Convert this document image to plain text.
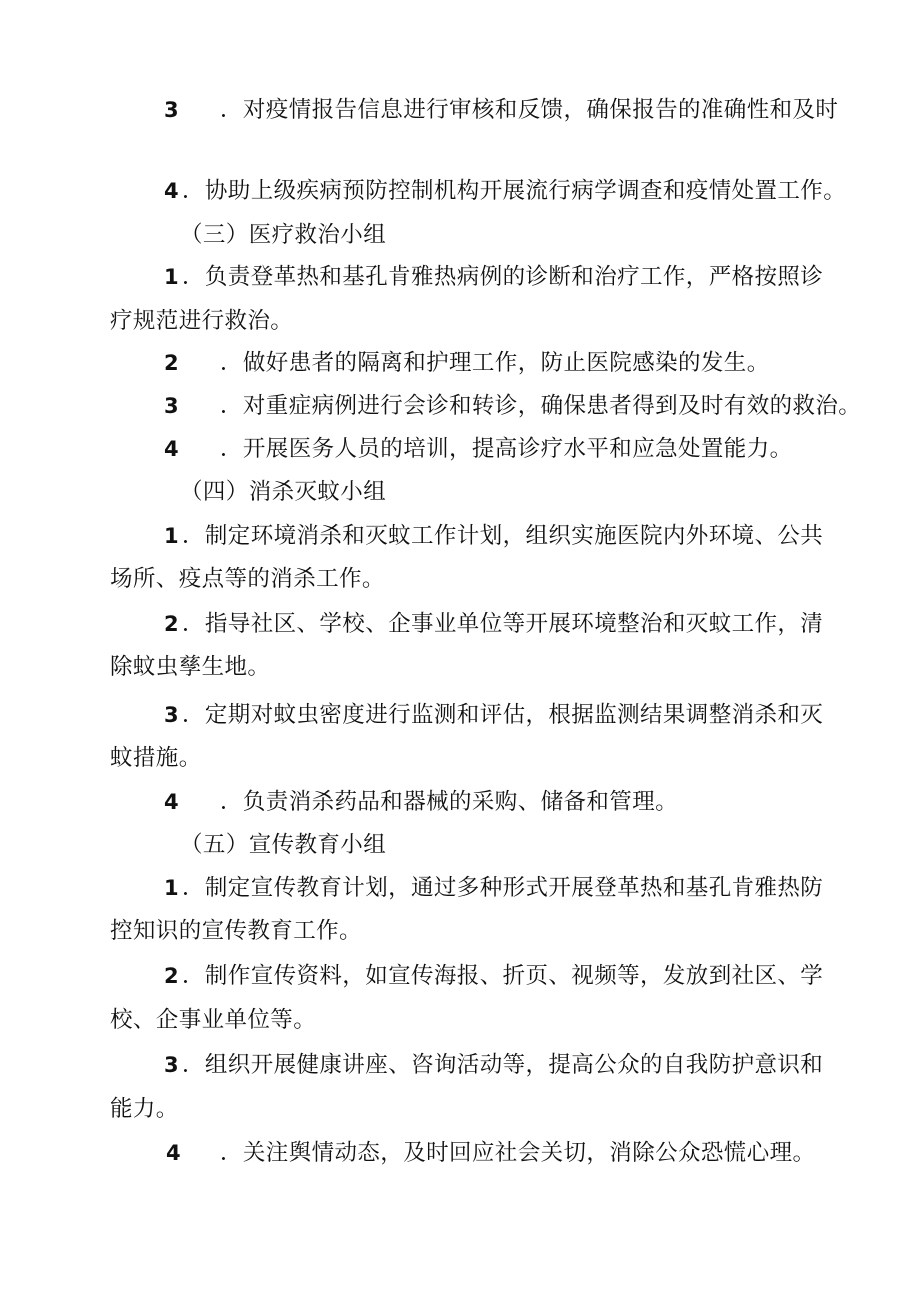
3 ．对疫情报告信息进行审核和反馈，确保报告的准确性和及时
4 ．协助上级疾病预防控制机构开展流行病学调查和疫情处置工作。
（三）医疗救治小组
1 ．负责登革热和基孔肯雅热病例的诊断和治疗工作，严格按照诊
疗规范进行救治。
2 ．做好患者的隔离和护理工作，防止医院感染的发生。
3 ．对重症病例进行会诊和转诊，确保患者得到及时有效的救治。
4 ．开展医务人员的培训，提高诊疗水平和应急处置能力。
（四）消杀灭蚊小组
1 ．制定环境消杀和灭蚊工作计划，组织实施医院内外环境、公共
场所、疫点等的消杀工作。
2 ．指导社区、学校、企事业单位等开展环境整治和灭蚊工作，清
除蚊虫孳生地。
3 ．定期对蚊虫密度进行监测和评估，根据监测结果调整消杀和灭
蚊措施。
4 ．负责消杀药品和器械的采购、储备和管理。
（五）宣传教育小组
1 ．制定宣传教育计划，通过多种形式开展登革热和基孔肯雅热防
控知识的宣传教育工作。
2 ．制作宣传资料，如宣传海报、折页、视频等，发放到社区、学
校、企事业单位等。
3 ．组织开展健康讲座、咨询活动等，提高公众的自我防护意识和
能力。
4 ．关注舆情动态，及时回应社会关切，消除公众恐慌心理。
